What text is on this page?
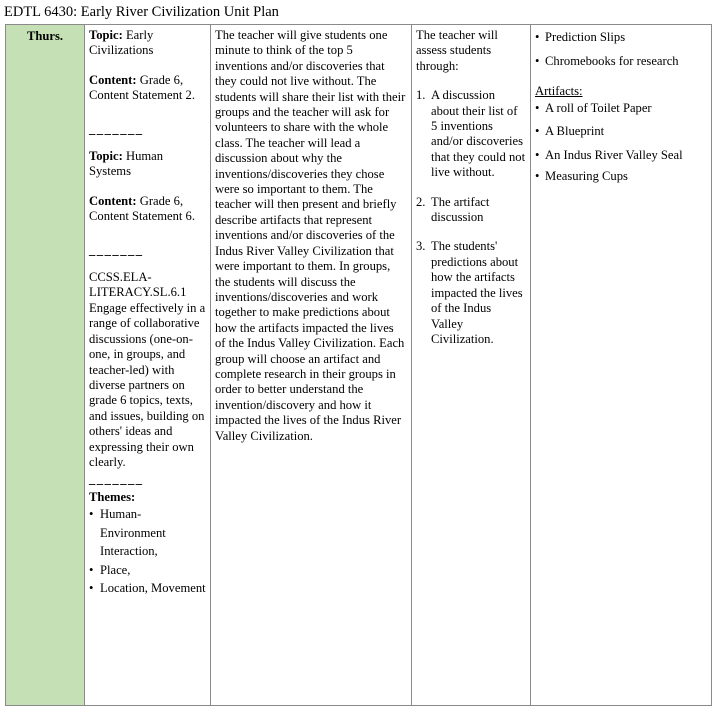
EDTL 6430: Early River Civilization Unit Plan
Thurs.	Topic: Early Civilizations
Content: Grade 6, Content Statement 2.
_______
Topic: Human Systems
Content: Grade 6, Content Statement 6.
_______
CCSS.ELA-LITERACY.SL.6.1 Engage effectively in a range of collaborative discussions (one-on-one, in groups, and teacher-led) with diverse partners on grade 6 topics, texts, and issues, building on others' ideas and expressing their own clearly.
_______
Themes:
• Human-Environment Interaction,
• Place,
• Location, Movement

The teacher will give students one minute to think of the top 5 inventions and/or discoveries that they could not live without. The students will share their list with their groups and the teacher will ask for volunteers to share with the whole class. The teacher will lead a discussion about why the inventions/discoveries they chose were so important to them. The teacher will then present and briefly describe artifacts that represent inventions and/or discoveries of the Indus River Valley Civilization that were important to them. In groups, the students will discuss the inventions/discoveries and work together to make predictions about how the artifacts impacted the lives of the Indus Valley Civilization. Each group will choose an artifact and complete research in their groups in order to better understand the invention/discovery and how it impacted the lives of the Indus River Valley Civilization.

The teacher will assess students through:
1. A discussion about their list of 5 inventions and/or discoveries that they could not live without.
2. The artifact discussion
3. The students' predictions about how the artifacts impacted the lives of the Indus Valley Civilization.

• Prediction Slips
• Chromebooks for research
Artifacts:
• A roll of Toilet Paper
• A Blueprint
• An Indus River Valley Seal
• Measuring Cups
